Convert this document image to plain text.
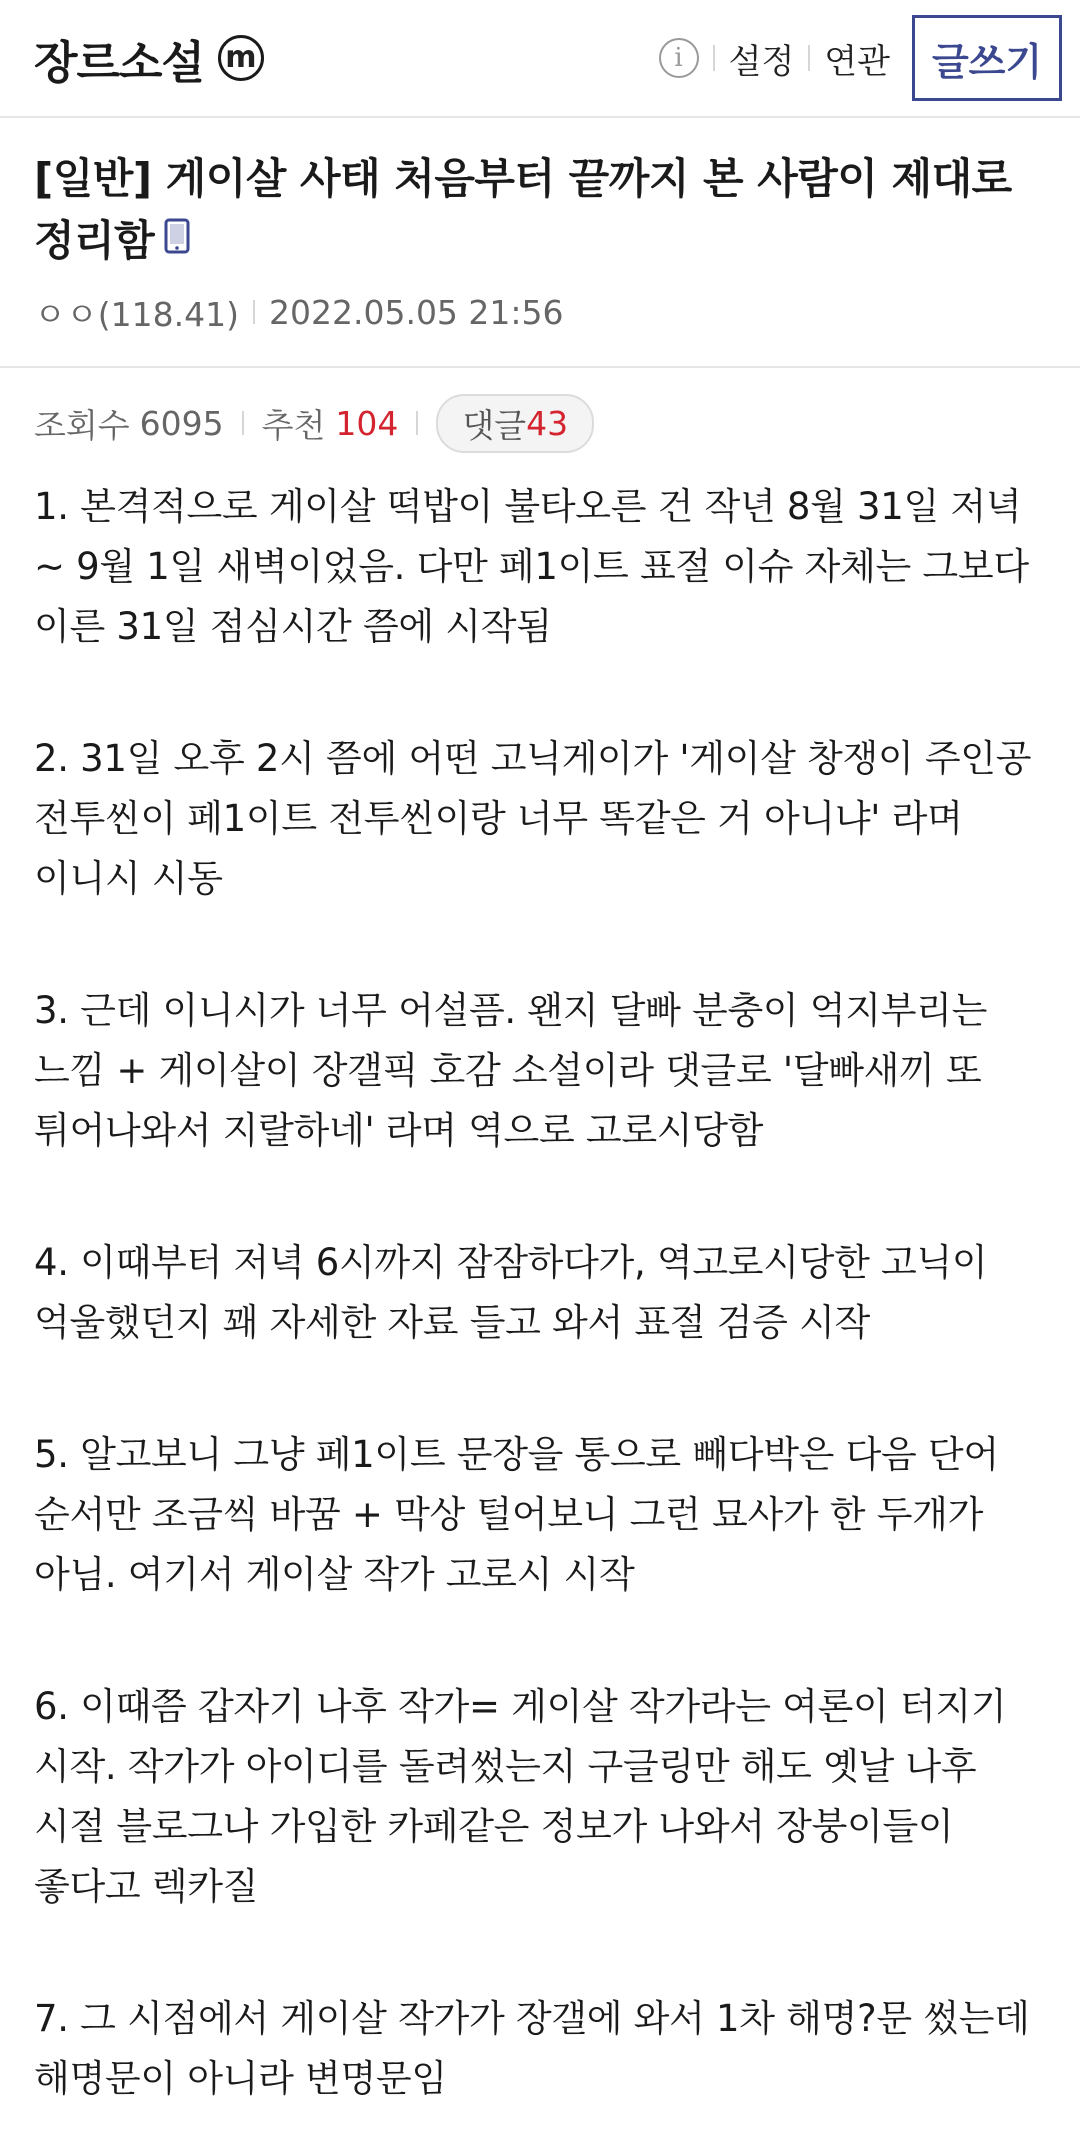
장르소설 m	i	설정 연관	글쓰기
[일반] 게이살 사태 처음부터 끝까지 본 사람이 제대로 정리함
ㅇㅇ(118.41) 2022.05.05 21:56
조회수 6095 추천 104 댓글 43

1. 본격적으로 게이살 떡밥이 불타오른 건 작년 8월 31일 저녁~ 9월 1일 새벽이었음. 다만 페1이트 표절 이슈 자체는 그보다 이른 31일 점심시간 쯤에 시작됨

2. 31일 오후 2시 쯤에 어떤 고닉게이가 '게이살 창쟁이 주인공 전투씬이 페1이트 전투씬이랑 너무 똑같은 거 아니냐' 라며 이니시 시동

3. 근데 이니시가 너무 어설픔. 왠지 달빠 분충이 억지부리는 느낌 + 게이살이 장갤픽 호감 소설이라 댓글로 '달빠새끼 또 튀어나와서 지랄하네' 라며 역으로 고로시당함

4. 이때부터 저녁 6시까지 잠잠하다가, 역고로시당한 고닉이 억울했던지 꽤 자세한 자료 들고 와서 표절 검증 시작

5. 알고보니 그냥 페1이트 문장을 통으로 빼다박은 다음 단어 순서만 조금씩 바꿈 + 막상 털어보니 그런 묘사가 한 두개가 아님. 여기서 게이살 작가 고로시 시작

6. 이때쯤 갑자기 나후 작가= 게이살 작가라는 여론이 터지기 시작. 작가가 아이디를 돌려썼는지 구글링만 해도 옛날 나후 시절 블로그나 가입한 카페같은 정보가 나와서 장붕이들이 좋다고 렉카질

7. 그 시점에서 게이살 작가가 장갤에 와서 1차 해명?문 썼는데 해명문이 아니라 변명문임
